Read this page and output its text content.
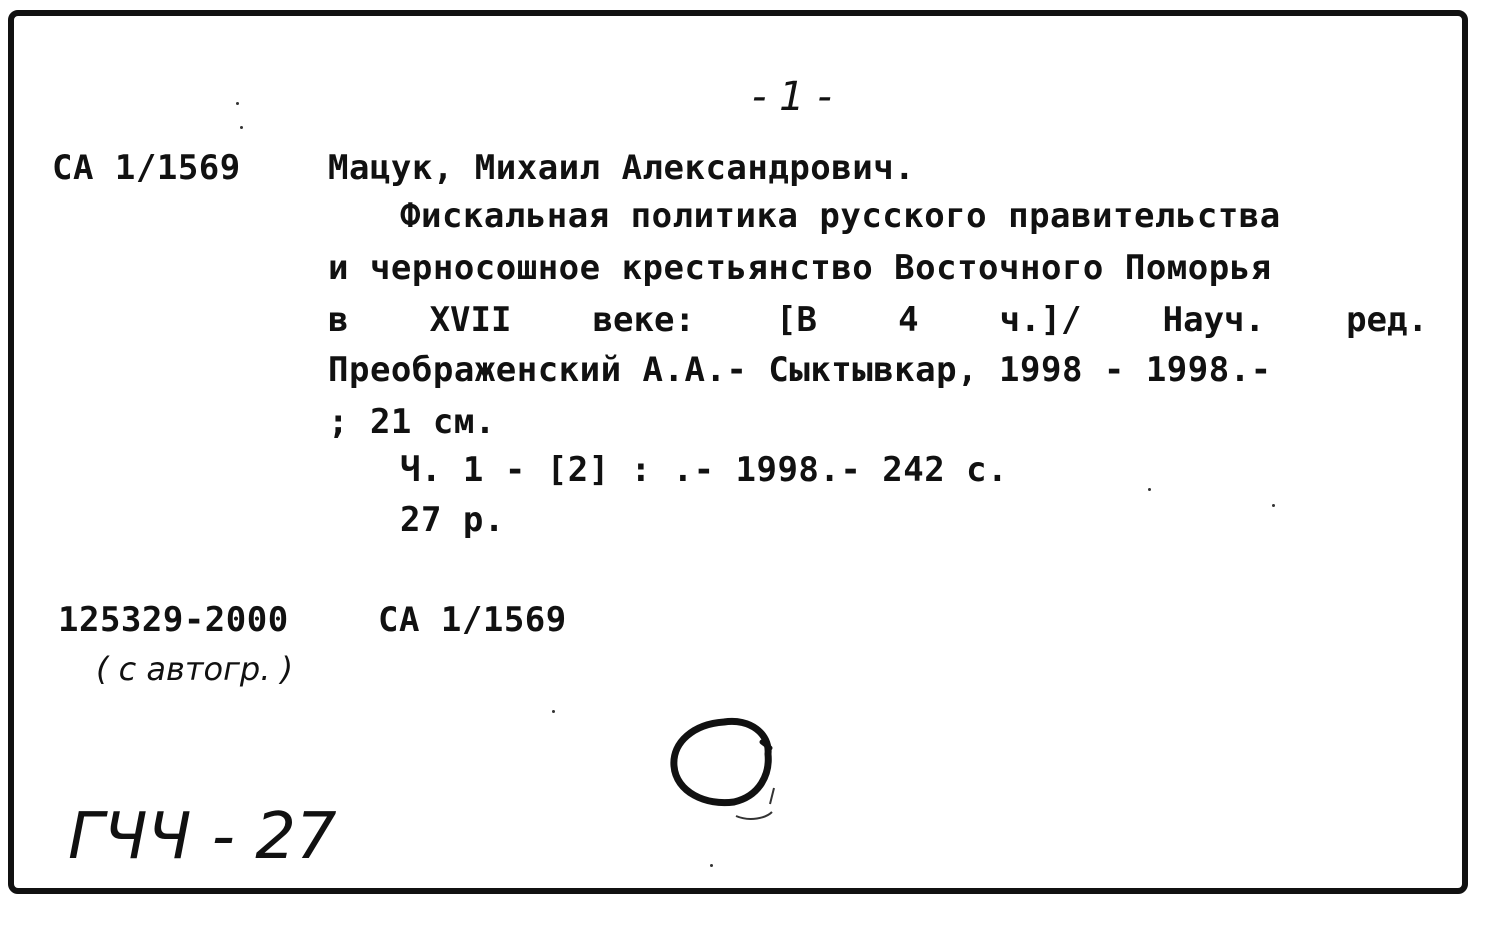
- 1 -
СА 1/1569	Мацук, Михаил Александрович.
Фискальная политика русского правительства
и черносошное крестьянство Восточного Поморья
в XVII веке: [В 4 ч.]/ Науч. ред.
Преображенский А.А.- Сыктывкар, 1998 - 1998.-
; 21 см.
Ч. 1 - [2] : .- 1998.- 242 с.
27 р.
125329-2000	СА 1/1569
( с автогр. )
ГЧЧ - 27
